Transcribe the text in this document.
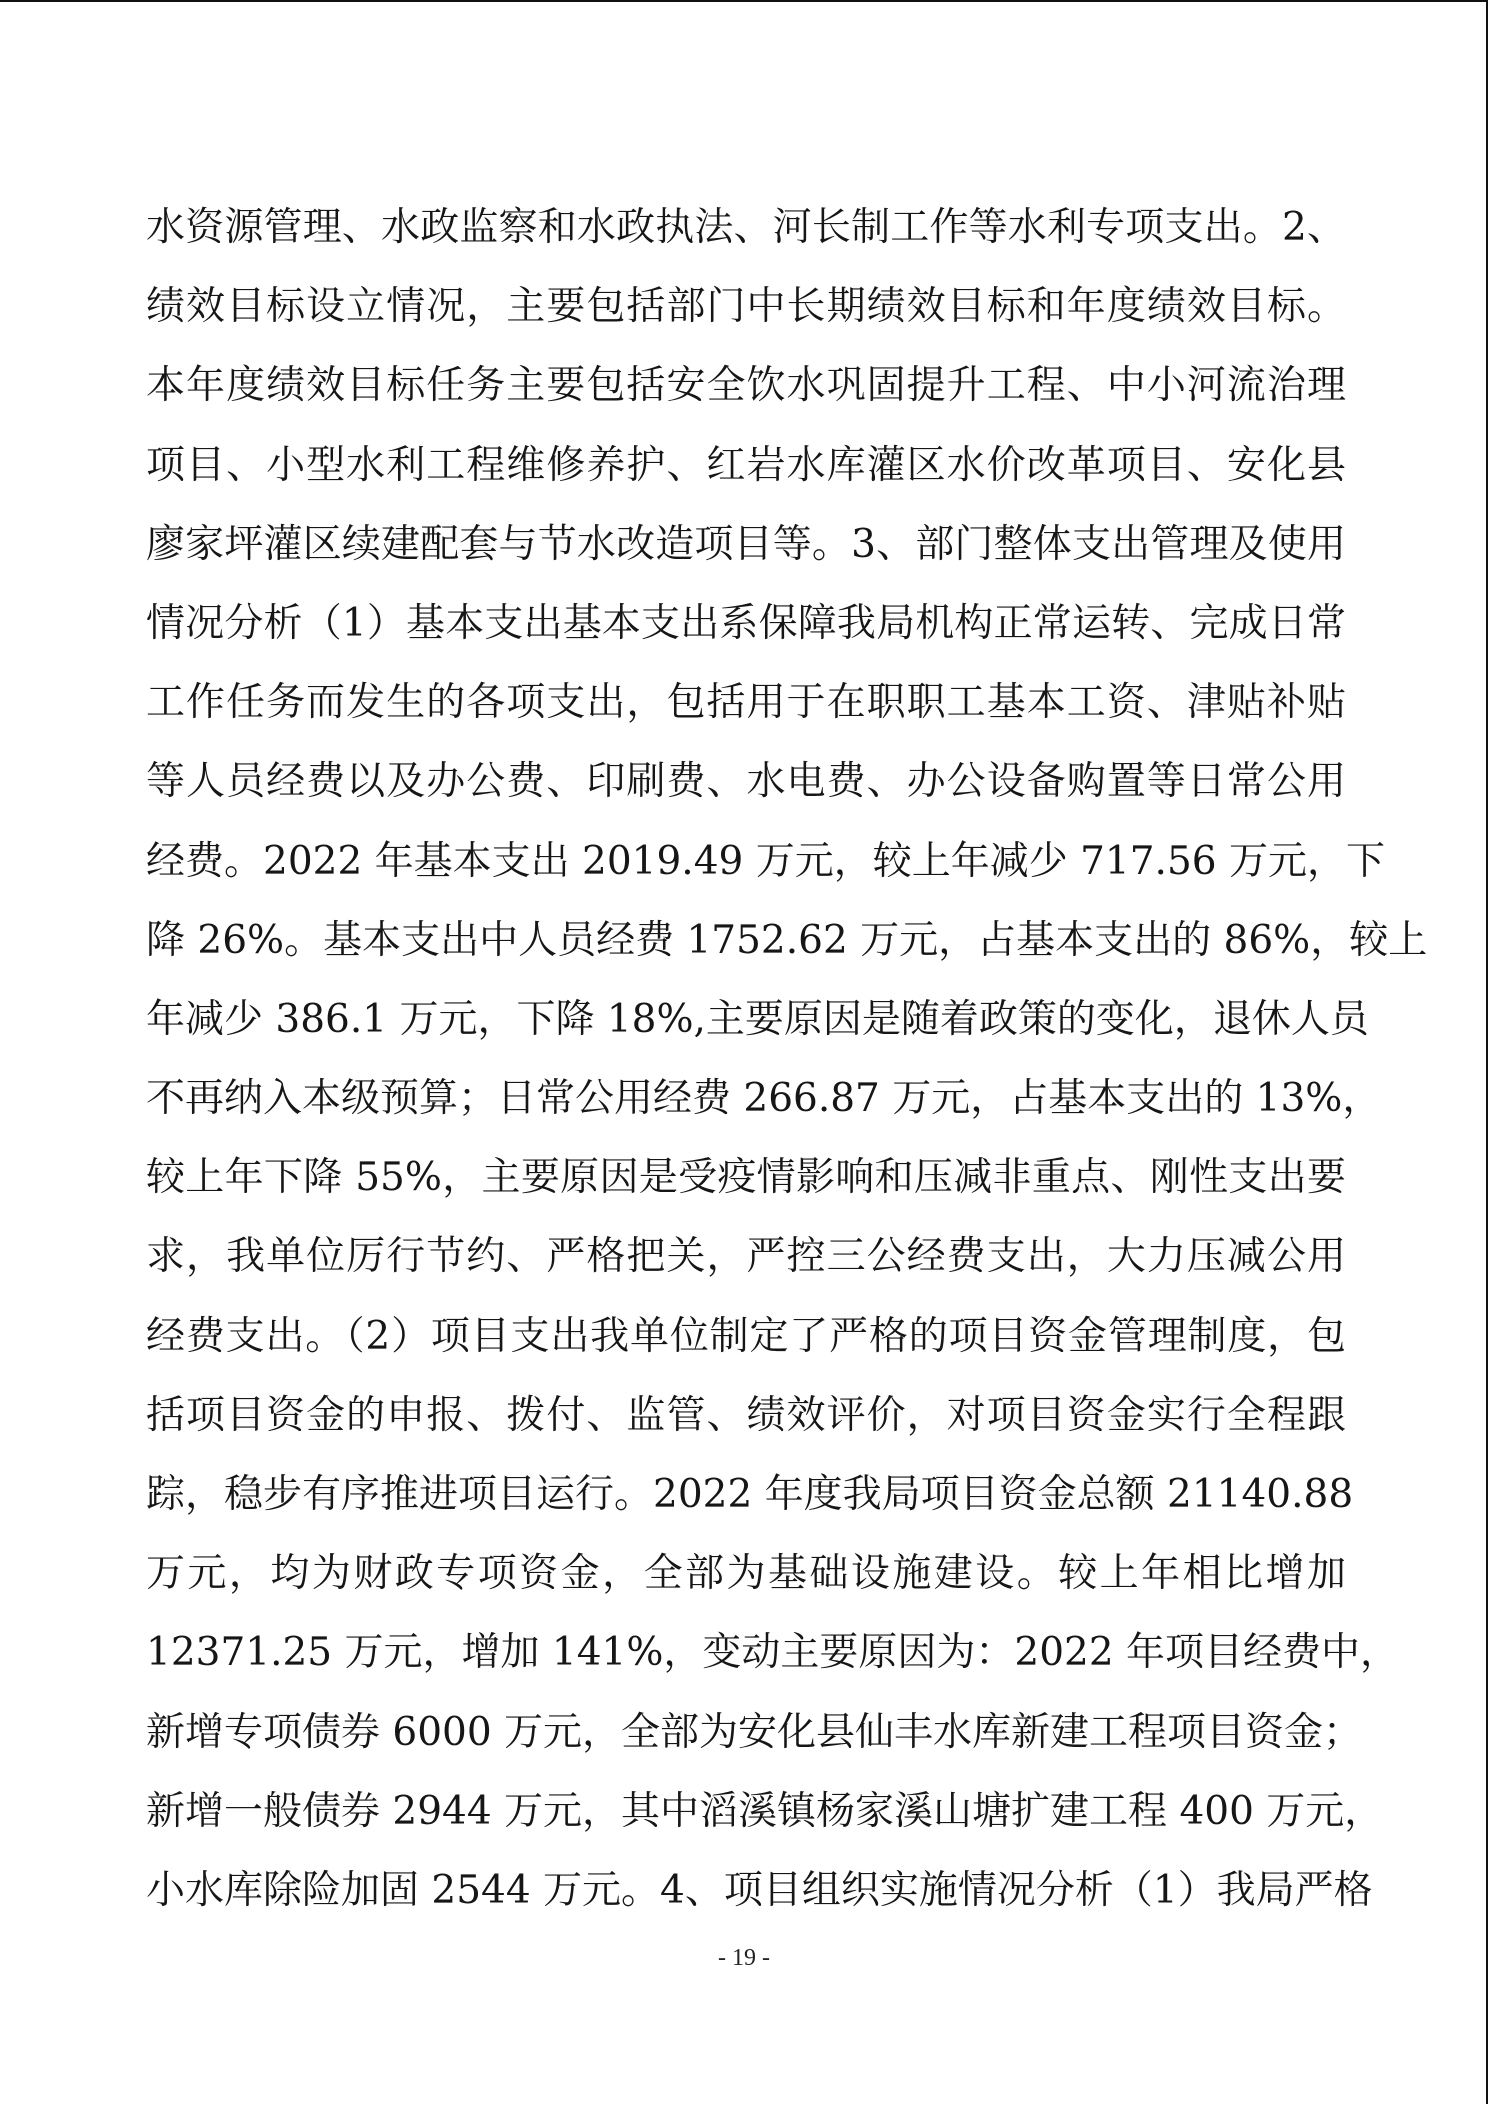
水资源管理、水政监察和水政执法、河长制工作等水利专项支出。2、
绩效目标设立情况，主要包括部门中长期绩效目标和年度绩效目标。
本年度绩效目标任务主要包括安全饮水巩固提升工程、中小河流治理
项目、小型水利工程维修养护、红岩水库灌区水价改革项目、安化县
廖家坪灌区续建配套与节水改造项目等。3、部门整体支出管理及使用
情况分析（1）基本支出基本支出系保障我局机构正常运转、完成日常
工作任务而发生的各项支出，包括用于在职职工基本工资、津贴补贴
等人员经费以及办公费、印刷费、水电费、办公设备购置等日常公用
经费。2022 年基本支出 2019.49 万元，较上年减少 717.56 万元，下
降 26%。基本支出中人员经费 1752.62 万元，占基本支出的 86%，较上
年减少 386.1 万元，下降 18%,主要原因是随着政策的变化，退休人员
不再纳入本级预算；日常公用经费 266.87 万元，占基本支出的 13%，
较上年下降 55%，主要原因是受疫情影响和压减非重点、刚性支出要
求，我单位厉行节约、严格把关，严控三公经费支出，大力压减公用
经费支出。（2）项目支出我单位制定了严格的项目资金管理制度，包
括项目资金的申报、拨付、监管、绩效评价，对项目资金实行全程跟
踪，稳步有序推进项目运行。2022 年度我局项目资金总额 21140.88
万元，均为财政专项资金，全部为基础设施建设。较上年相比增加
12371.25 万元，增加 141%，变动主要原因为：2022 年项目经费中，
新增专项债券 6000 万元，全部为安化县仙丰水库新建工程项目资金；
新增一般债券 2944 万元，其中滔溪镇杨家溪山塘扩建工程 400 万元，
小水库除险加固 2544 万元。4、项目组织实施情况分析（1）我局严格
- 19 -
